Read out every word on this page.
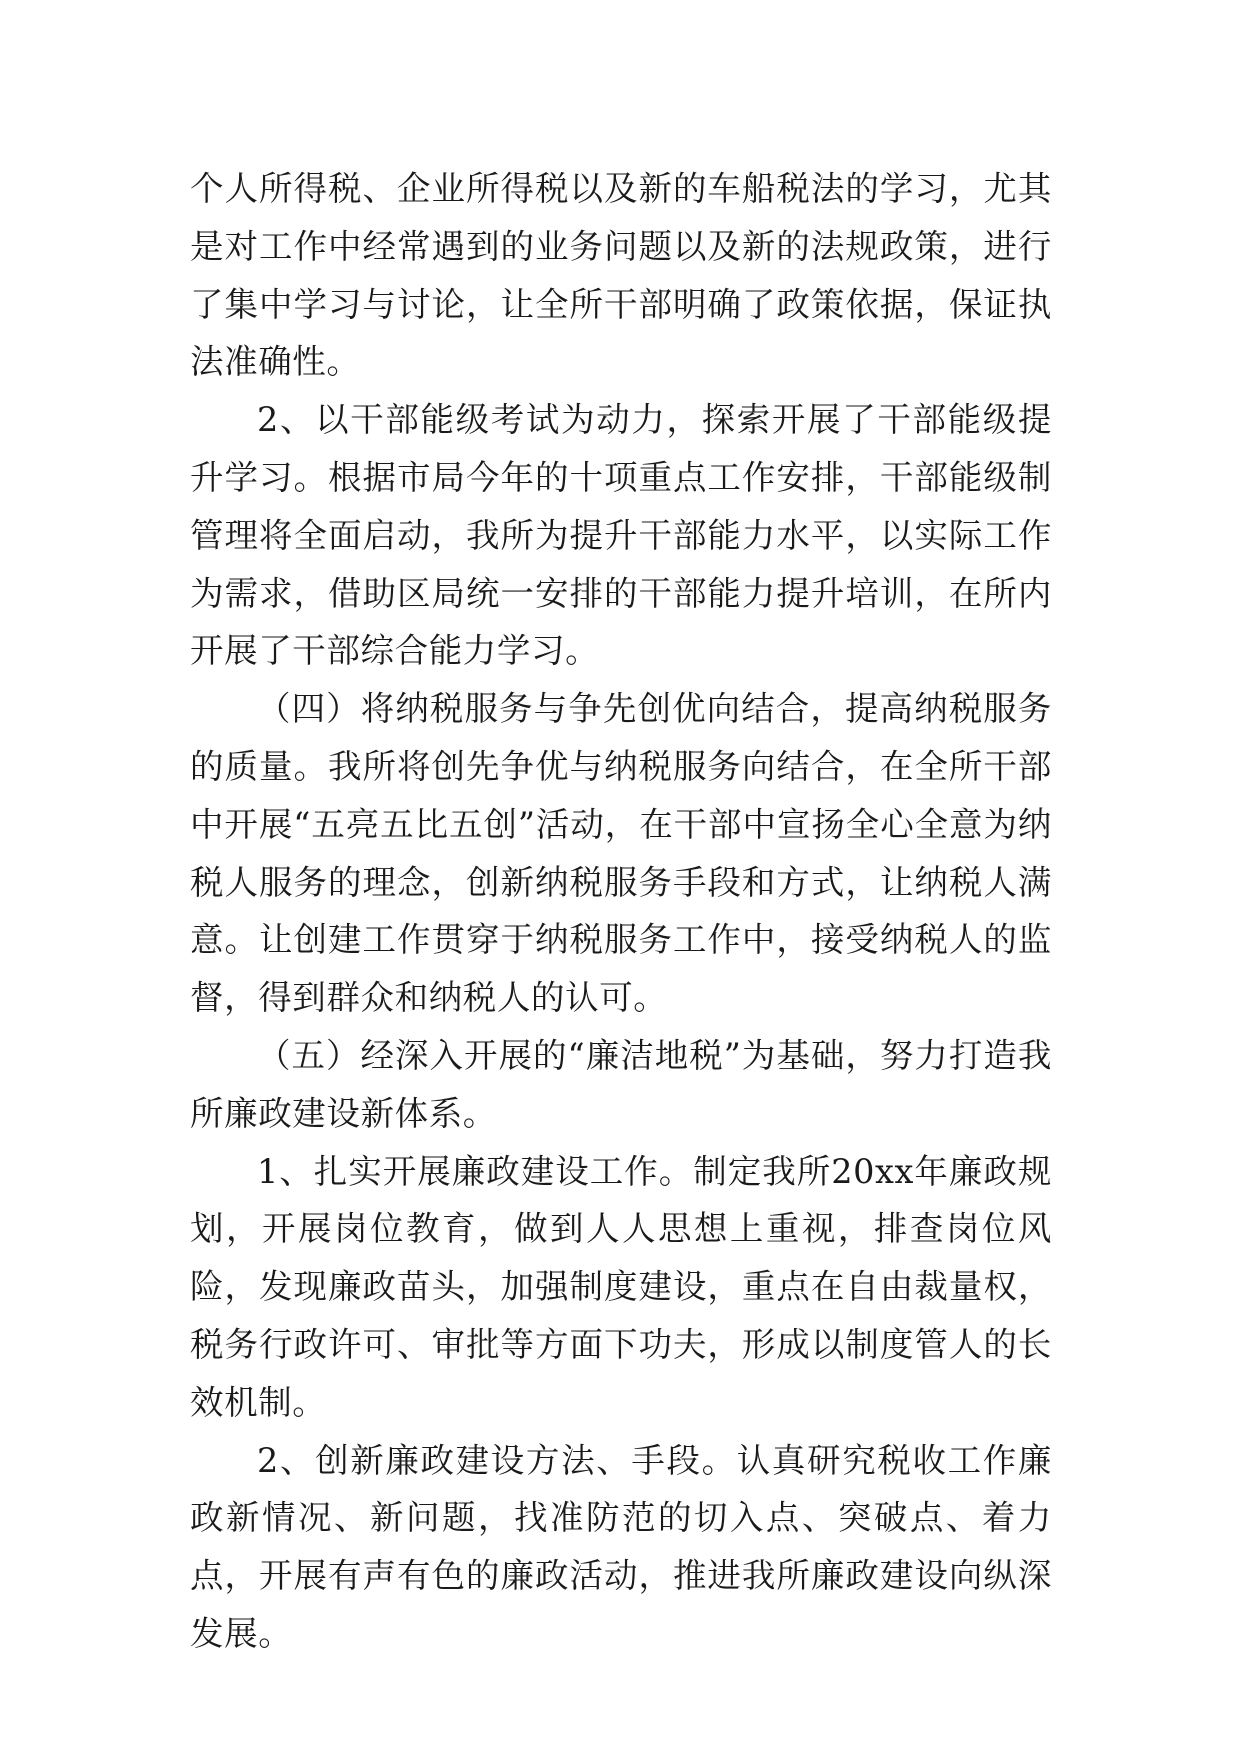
个人所得税、企业所得税以及新的车船税法的学习，尤其是对工作中经常遇到的业务问题以及新的法规政策，进行了集中学习与讨论，让全所干部明确了政策依据，保证执法准确性。

2、以干部能级考试为动力，探索开展了干部能级提升学习。根据市局今年的十项重点工作安排，干部能级制管理将全面启动，我所为提升干部能力水平，以实际工作为需求，借助区局统一安排的干部能力提升培训，在所内开展了干部综合能力学习。

（四）将纳税服务与争先创优向结合，提高纳税服务的质量。我所将创先争优与纳税服务向结合，在全所干部中开展“五亮五比五创”活动，在干部中宣扬全心全意为纳税人服务的理念，创新纳税服务手段和方式，让纳税人满意。让创建工作贯穿于纳税服务工作中，接受纳税人的监督，得到群众和纳税人的认可。

（五）经深入开展的“廉洁地税”为基础，努力打造我所廉政建设新体系。

1、扎实开展廉政建设工作。制定我所20xx年廉政规划，开展岗位教育，做到人人思想上重视，排查岗位风险，发现廉政苗头，加强制度建设，重点在自由裁量权，税务行政许可、审批等方面下功夫，形成以制度管人的长效机制。

2、创新廉政建设方法、手段。认真研究税收工作廉政新情况、新问题，找准防范的切入点、突破点、着力点，开展有声有色的廉政活动，推进我所廉政建设向纵深发展。
